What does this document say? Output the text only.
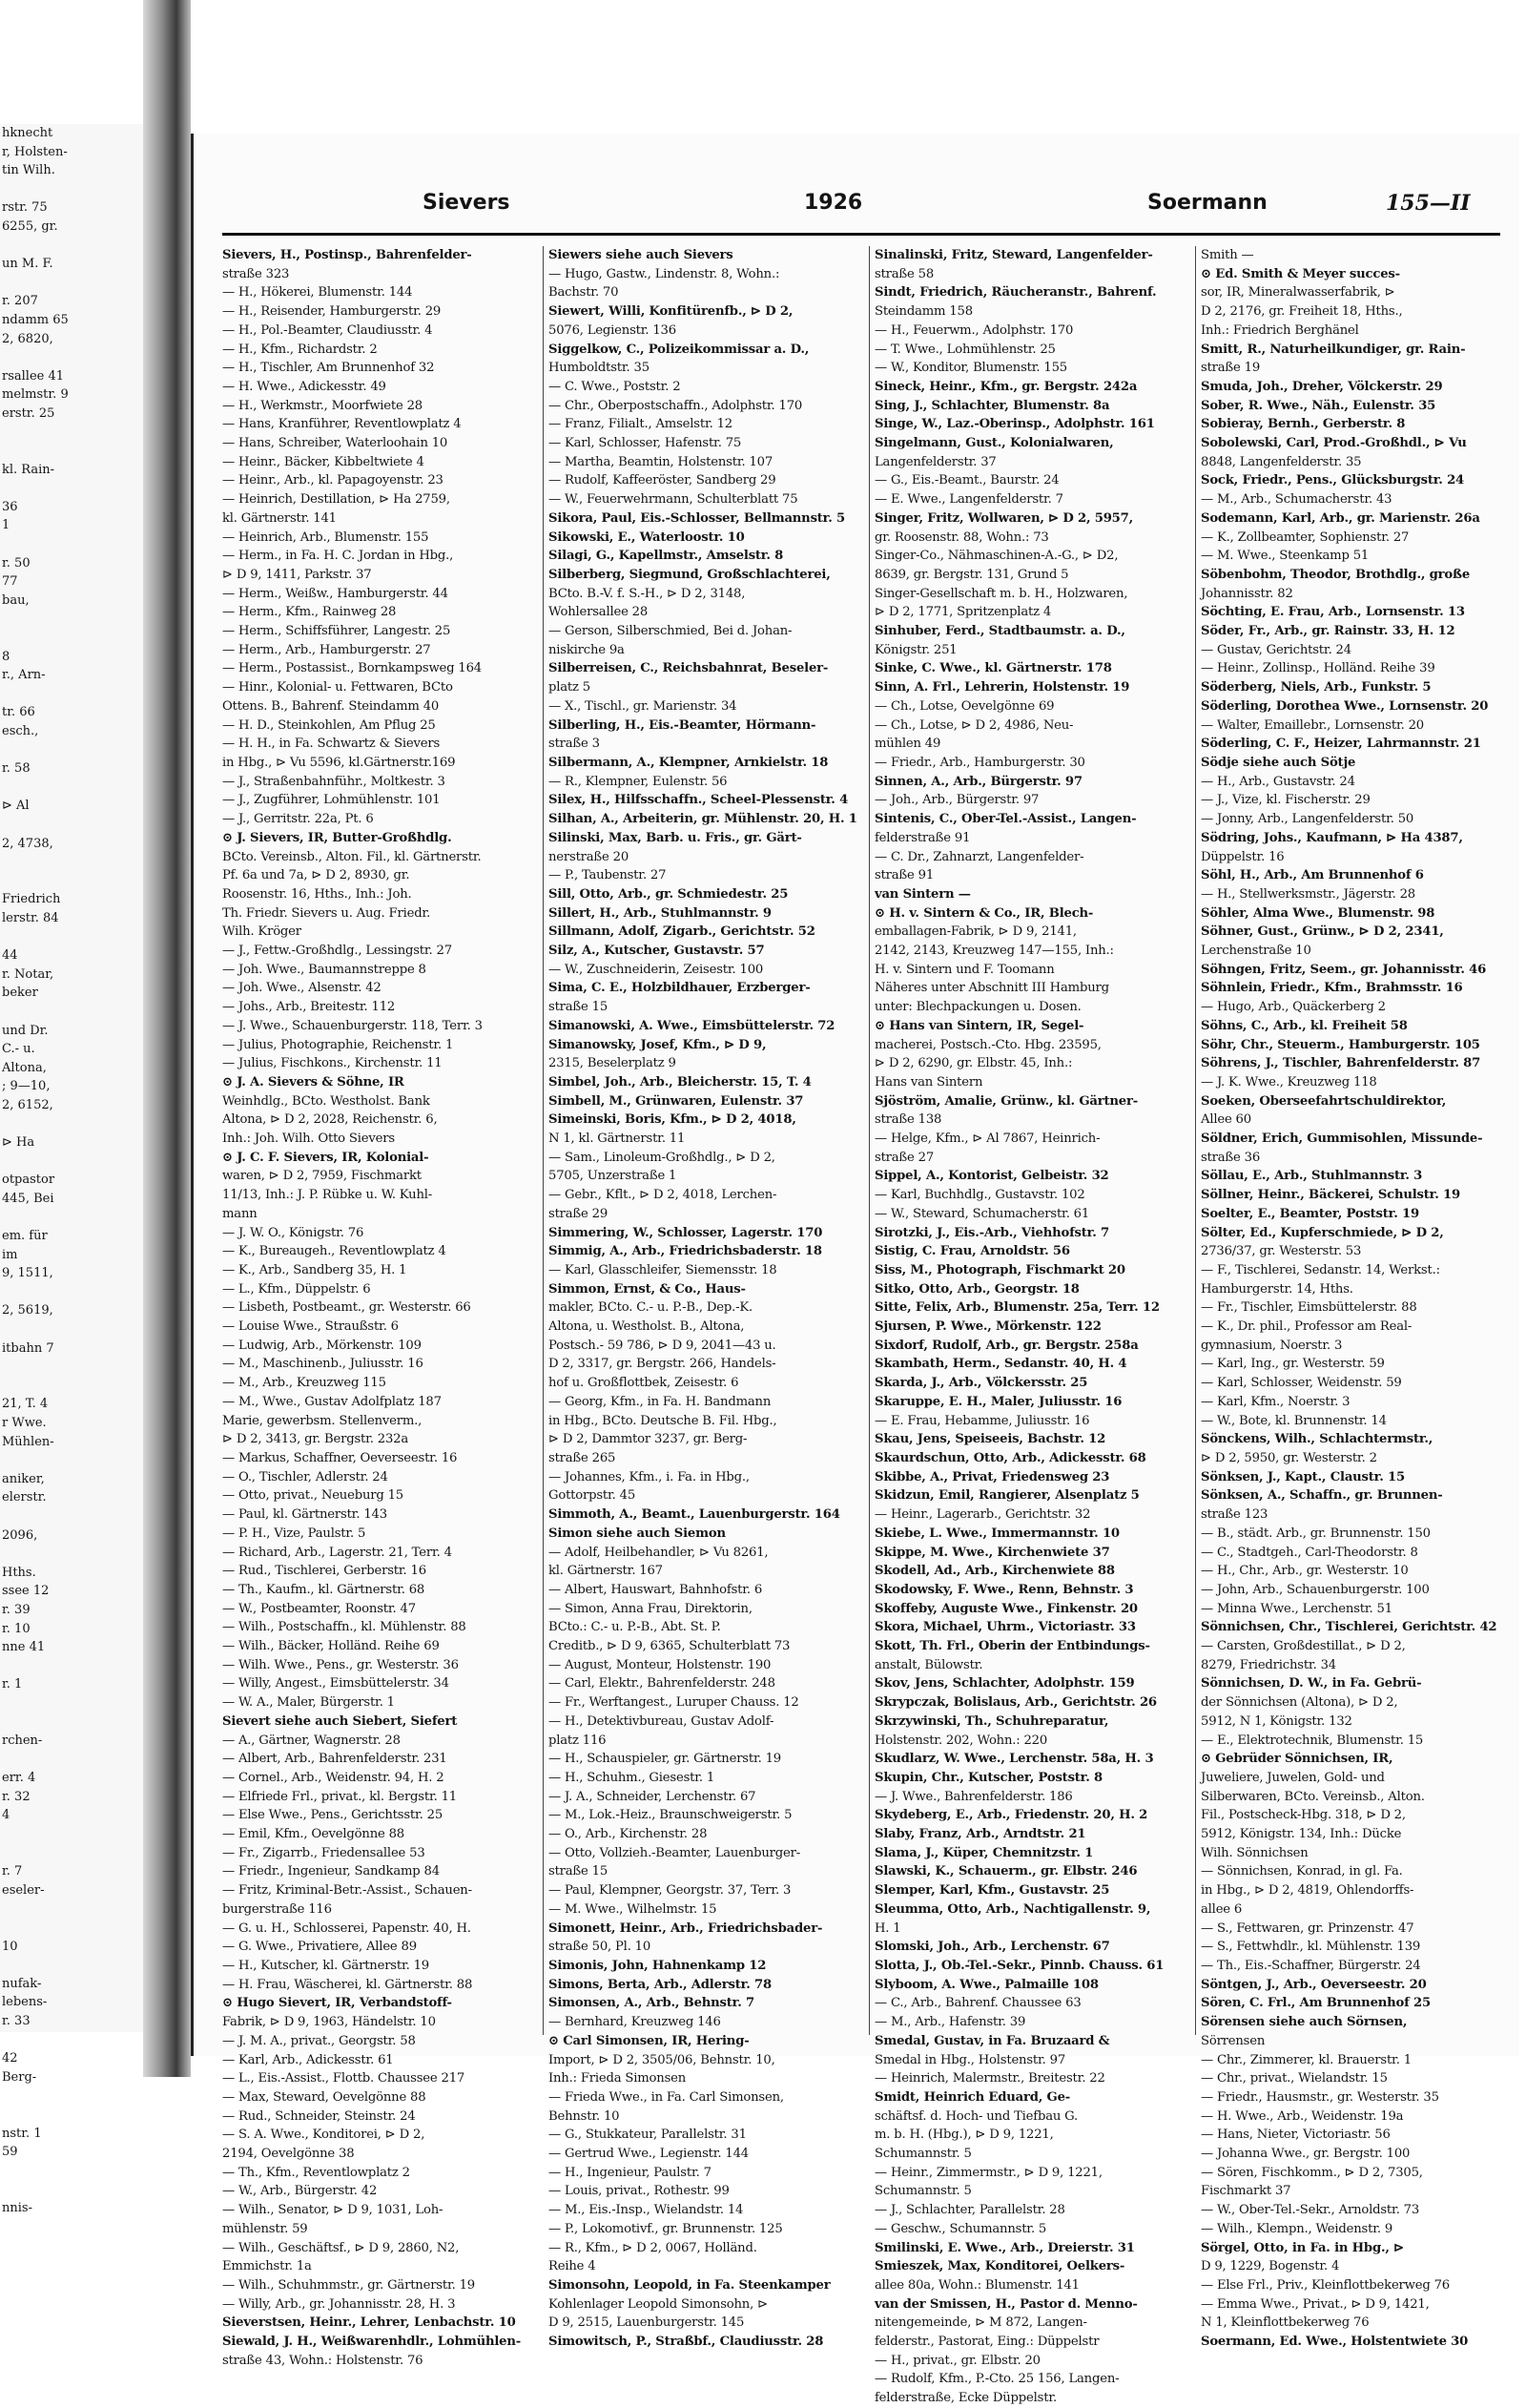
hknecht
r, Holsten-
tin Wilh.

rstr. 75
6255, gr.

un M. F.

r. 207
ndamm 65
2, 6820,

rsallee 41
melmstr. 9
erstr. 25

kl. Rain-

36
1

r. 50
77
bau,

8
r., Arn-

tr. 66
esch.,

r. 58

⊳ Al

2, 4738,

Friedrich
lerstr. 84

44
r. Notar,
beker

und Dr.
C.- u.
Altona,
; 9—10,
2, 6152,

⊳ Ha

otpastor
445, Bei

em. für
im
9, 1511,

2, 5619,

itbahn 7

21, T. 4
r Wwe.
Mühlen-

aniker,
elerstr.

2096,

Hths.
ssee 12
r. 39
r. 10
nne 41

r. 1

rchen-

err. 4
r. 32
4

r. 7
eseler-

10

nufak-
lebens-
r. 33

42
Berg-

nstr. 1
59

nnis-
Sievers	1926	Soermann	155—II
Sievers, H., Postinsp., Bahrenfelder-
straße 323
— H., Hökerei, Blumenstr. 144
— H., Reisender, Hamburgerstr. 29
— H., Pol.-Beamter, Claudiusstr. 4
— H., Kfm., Richardstr. 2
— H., Tischler, Am Brunnenhof 32
— H. Wwe., Adickesstr. 49
— H., Werkmstr., Moorfwiete 28
— Hans, Kranführer, Reventlowplatz 4
— Hans, Schreiber, Waterloohain 10
— Heinr., Bäcker, Kibbeltwiete 4
— Heinr., Arb., kl. Papagoyenstr. 23
— Heinrich, Destillation, ⊳ Ha 2759,
kl. Gärtnerstr. 141
— Heinrich, Arb., Blumenstr. 155
— Herm., in Fa. H. C. Jordan in Hbg.,
⊳ D 9, 1411, Parkstr. 37
— Herm., Weißw., Hamburgerstr. 44
— Herm., Kfm., Rainweg 28
— Herm., Schiffsführer, Langestr. 25
— Herm., Arb., Hamburgerstr. 27
— Herm., Postassist., Bornkampsweg 164
— Hinr., Kolonial- u. Fettwaren, BCto
Ottens. B., Bahrenf. Steindamm 40
— H. D., Steinkohlen, Am Pflug 25
— H. H., in Fa. Schwartz & Sievers
in Hbg., ⊳ Vu 5596, kl.Gärtnerstr.169
— J., Straßenbahnführ., Moltkestr. 3
— J., Zugführer, Lohmühlenstr. 101
— J., Gerritstr. 22a, Pt. 6
⊙ J. Sievers, IR, Butter-Großhdlg.
BCto. Vereinsb., Alton. Fil., kl. Gärtnerstr.
Pf. 6a und 7a, ⊳ D 2, 8930, gr.
Roosenstr. 16, Hths., Inh.: Joh.
Th. Friedr. Sievers u. Aug. Friedr.
Wilh. Kröger
— J., Fettw.-Großhdlg., Lessingstr. 27
— Joh. Wwe., Baumannstreppe 8
— Joh. Wwe., Alsenstr. 42
— Johs., Arb., Breitestr. 112
— J. Wwe., Schauenburgerstr. 118, Terr. 3
— Julius, Photographie, Reichenstr. 1
— Julius, Fischkons., Kirchenstr. 11
⊙ J. A. Sievers & Söhne, IR
Weinhdlg., BCto. Westholst. Bank
Altona, ⊳ D 2, 2028, Reichenstr. 6,
Inh.: Joh. Wilh. Otto Sievers
⊙ J. C. F. Sievers, IR, Kolonial-
waren, ⊳ D 2, 7959, Fischmarkt
11/13, Inh.: J. P. Rübke u. W. Kuhl-
mann
— J. W. O., Königstr. 76
— K., Bureaugeh., Reventlowplatz 4
— K., Arb., Sandberg 35, H. 1
— L., Kfm., Düppelstr. 6
— Lisbeth, Postbeamt., gr. Westerstr. 66
— Louise Wwe., Straußstr. 6
— Ludwig, Arb., Mörkenstr. 109
— M., Maschinenb., Juliusstr. 16
— M., Arb., Kreuzweg 115
— M., Wwe., Gustav Adolfplatz 187
Marie, gewerbsm. Stellenverm.,
⊳ D 2, 3413, gr. Bergstr. 232a
— Markus, Schaffner, Oeverseestr. 16
— O., Tischler, Adlerstr. 24
— Otto, privat., Neueburg 15
— Paul, kl. Gärtnerstr. 143
— P. H., Vize, Paulstr. 5
— Richard, Arb., Lagerstr. 21, Terr. 4
— Rud., Tischlerei, Gerberstr. 16
— Th., Kaufm., kl. Gärtnerstr. 68
— W., Postbeamter, Roonstr. 47
— Wilh., Postschaffn., kl. Mühlenstr. 88
— Wilh., Bäcker, Holländ. Reihe 69
— Wilh. Wwe., Pens., gr. Westerstr. 36
— Willy, Angest., Eimsbüttelerstr. 34
— W. A., Maler, Bürgerstr. 1
Sievert siehe auch Siebert, Siefert
— A., Gärtner, Wagnerstr. 28
— Albert, Arb., Bahrenfelderstr. 231
— Cornel., Arb., Weidenstr. 94, H. 2
— Elfriede Frl., privat., kl. Bergstr. 11
— Else Wwe., Pens., Gerichtsstr. 25
— Emil, Kfm., Oevelgönne 88
— Fr., Zigarrb., Friedensallee 53
— Friedr., Ingenieur, Sandkamp 84
— Fritz, Kriminal-Betr.-Assist., Schauen-
burgerstraße 116
— G. u. H., Schlosserei, Papenstr. 40, H.
— G. Wwe., Privatiere, Allee 89
— H., Kutscher, kl. Gärtnerstr. 19
— H. Frau, Wäscherei, kl. Gärtnerstr. 88
⊙ Hugo Sievert, IR, Verbandstoff-
Fabrik, ⊳ D 9, 1963, Händelstr. 10
— J. M. A., privat., Georgstr. 58
— Karl, Arb., Adickesstr. 61
— L., Eis.-Assist., Flottb. Chaussee 217
— Max, Steward, Oevelgönne 88
— Rud., Schneider, Steinstr. 24
— S. A. Wwe., Konditorei, ⊳ D 2,
2194, Oevelgönne 38
— Th., Kfm., Reventlowplatz 2
— W., Arb., Bürgerstr. 42
— Wilh., Senator, ⊳ D 9, 1031, Loh-
mühlenstr. 59
— Wilh., Geschäftsf., ⊳ D 9, 2860, N2,
Emmichstr. 1a
— Wilh., Schuhmmstr., gr. Gärtnerstr. 19
— Willy, Arb., gr. Johannisstr. 28, H. 3
Sieverstsen, Heinr., Lehrer, Lenbachstr. 10
Siewald, J. H., Weißwarenhdlr., Lohmühlen-
straße 43, Wohn.: Holstenstr. 76
Siewers siehe auch Sievers
— Hugo, Gastw., Lindenstr. 8, Wohn.:
Bachstr. 70
Siewert, Willi, Konfitürenfb., ⊳ D 2,
5076, Legienstr. 136
Siggelkow, C., Polizeikommissar a. D.,
Humboldtstr. 35
— C. Wwe., Poststr. 2
— Chr., Oberpostschaffn., Adolphstr. 170
— Franz, Filialt., Amselstr. 12
— Karl, Schlosser, Hafenstr. 75
— Martha, Beamtin, Holstenstr. 107
— Rudolf, Kaffeeröster, Sandberg 29
— W., Feuerwehrmann, Schulterblatt 75
Sikora, Paul, Eis.-Schlosser, Bellmannstr. 5
Sikowski, E., Waterloostr. 10
Silagi, G., Kapellmstr., Amselstr. 8
Silberberg, Siegmund, Großschlachterei,
BCto. B.-V. f. S.-H., ⊳ D 2, 3148,
Wohlersallee 28
— Gerson, Silberschmied, Bei d. Johan-
niskirche 9a
Silberreisen, C., Reichsbahnrat, Beseler-
platz 5
— X., Tischl., gr. Marienstr. 34
Silberling, H., Eis.-Beamter, Hörmann-
straße 3
Silbermann, A., Klempner, Arnkielstr. 18
— R., Klempner, Eulenstr. 56
Silex, H., Hilfsschaffn., Scheel-Plessenstr. 4
Silhan, A., Arbeiterin, gr. Mühlenstr. 20, H. 1
Silinski, Max, Barb. u. Fris., gr. Gärt-
nerstraße 20
— P., Taubenstr. 27
Sill, Otto, Arb., gr. Schmiedestr. 25
Sillert, H., Arb., Stuhlmannstr. 9
Sillmann, Adolf, Zigarb., Gerichtstr. 52
Silz, A., Kutscher, Gustavstr. 57
— W., Zuschneiderin, Zeisestr. 100
Sima, C. E., Holzbildhauer, Erzberger-
straße 15
Simanowski, A. Wwe., Eimsbüttelerstr. 72
Simanowsky, Josef, Kfm., ⊳ D 9,
2315, Beselerplatz 9
Simbel, Joh., Arb., Bleicherstr. 15, T. 4
Simbell, M., Grünwaren, Eulenstr. 37
Simeinski, Boris, Kfm., ⊳ D 2, 4018,
N 1, kl. Gärtnerstr. 11
— Sam., Linoleum-Großhdlg., ⊳ D 2,
5705, Unzerstraße 1
— Gebr., Kflt., ⊳ D 2, 4018, Lerchen-
straße 29
Simmering, W., Schlosser, Lagerstr. 170
Simmig, A., Arb., Friedrichsbaderstr. 18
— Karl, Glasschleifer, Siemensstr. 18
Simmon, Ernst, & Co., Haus-
makler, BCto. C.- u. P.-B., Dep.-K.
Altona, u. Westholst. B., Altona,
Postsch.- 59 786, ⊳ D 9, 2041—43 u.
D 2, 3317, gr. Bergstr. 266, Handels-
hof u. Großflottbek, Zeisestr. 6
— Georg, Kfm., in Fa. H. Bandmann
in Hbg., BCto. Deutsche B. Fil. Hbg.,
⊳ D 2, Dammtor 3237, gr. Berg-
straße 265
— Johannes, Kfm., i. Fa. in Hbg.,
Gottorpstr. 45
Simmoth, A., Beamt., Lauenburgerstr. 164
Simon siehe auch Siemon
— Adolf, Heilbehandler, ⊳ Vu 8261,
kl. Gärtnerstr. 167
— Albert, Hauswart, Bahnhofstr. 6
— Simon, Anna Frau, Direktorin,
BCto.: C.- u. P.-B., Abt. St. P.
Creditb., ⊳ D 9, 6365, Schulterblatt 73
— August, Monteur, Holstenstr. 190
— Carl, Elektr., Bahrenfelderstr. 248
— Fr., Werftangest., Luruper Chauss. 12
— H., Detektivbureau, Gustav Adolf-
platz 116
— H., Schauspieler, gr. Gärtnerstr. 19
— H., Schuhm., Giesestr. 1
— J. A., Schneider, Lerchenstr. 67
— M., Lok.-Heiz., Braunschweigerstr. 5
— O., Arb., Kirchenstr. 28
— Otto, Vollzieh.-Beamter, Lauenburger-
straße 15
— Paul, Klempner, Georgstr. 37, Terr. 3
— M. Wwe., Wilhelmstr. 15
Simonett, Heinr., Arb., Friedrichsbader-
straße 50, Pl. 10
Simonis, John, Hahnenkamp 12
Simons, Berta, Arb., Adlerstr. 78
Simonsen, A., Arb., Behnstr. 7
— Bernhard, Kreuzweg 146
⊙ Carl Simonsen, IR, Hering-
Import, ⊳ D 2, 3505/06, Behnstr. 10,
Inh.: Frieda Simonsen
— Frieda Wwe., in Fa. Carl Simonsen,
Behnstr. 10
— G., Stukkateur, Parallelstr. 31
— Gertrud Wwe., Legienstr. 144
— H., Ingenieur, Paulstr. 7
— Louis, privat., Rothestr. 99
— M., Eis.-Insp., Wielandstr. 14
— P., Lokomotivf., gr. Brunnenstr. 125
— R., Kfm., ⊳ D 2, 0067, Holländ.
Reihe 4
Simonsohn, Leopold, in Fa. Steenkamper
Kohlenlager Leopold Simonsohn, ⊳
D 9, 2515, Lauenburgerstr. 145
Simowitsch, P., Straßbf., Claudiusstr. 28
Sinalinski, Fritz, Steward, Langenfelder-
straße 58
Sindt, Friedrich, Räucheranstr., Bahrenf.
Steindamm 158
— H., Feuerwm., Adolphstr. 170
— T. Wwe., Lohmühlenstr. 25
— W., Konditor, Blumenstr. 155
Sineck, Heinr., Kfm., gr. Bergstr. 242a
Sing, J., Schlachter, Blumenstr. 8a
Singe, W., Laz.-Oberinsp., Adolphstr. 161
Singelmann, Gust., Kolonialwaren,
Langenfelderstr. 37
— G., Eis.-Beamt., Baurstr. 24
— E. Wwe., Langenfelderstr. 7
Singer, Fritz, Wollwaren, ⊳ D 2, 5957,
gr. Roosenstr. 88, Wohn.: 73
Singer-Co., Nähmaschinen-A.-G., ⊳ D2,
8639, gr. Bergstr. 131, Grund 5
Singer-Gesellschaft m. b. H., Holzwaren,
⊳ D 2, 1771, Spritzenplatz 4
Sinhuber, Ferd., Stadtbaumstr. a. D.,
Königstr. 251
Sinke, C. Wwe., kl. Gärtnerstr. 178
Sinn, A. Frl., Lehrerin, Holstenstr. 19
— Ch., Lotse, Oevelgönne 69
— Ch., Lotse, ⊳ D 2, 4986, Neu-
mühlen 49
— Friedr., Arb., Hamburgerstr. 30
Sinnen, A., Arb., Bürgerstr. 97
— Joh., Arb., Bürgerstr. 97
Sintenis, C., Ober-Tel.-Assist., Langen-
felderstraße 91
— C. Dr., Zahnarzt, Langenfelder-
straße 91
van Sintern —
⊙ H. v. Sintern & Co., IR, Blech-
emballagen-Fabrik, ⊳ D 9, 2141,
2142, 2143, Kreuzweg 147—155, Inh.:
H. v. Sintern und F. Toomann
Näheres unter Abschnitt III Hamburg
unter: Blechpackungen u. Dosen.
⊙ Hans van Sintern, IR, Segel-
macherei, Postsch.-Cto. Hbg. 23595,
⊳ D 2, 6290, gr. Elbstr. 45, Inh.:
Hans van Sintern
Sjöström, Amalie, Grünw., kl. Gärtner-
straße 138
— Helge, Kfm., ⊳ Al 7867, Heinrich-
straße 27
Sippel, A., Kontorist, Gelbeistr. 32
— Karl, Buchhdlg., Gustavstr. 102
— W., Steward, Schumacherstr. 61
Sirotzki, J., Eis.-Arb., Viehhofstr. 7
Sistig, C. Frau, Arnoldstr. 56
Siss, M., Photograph, Fischmarkt 20
Sitko, Otto, Arb., Georgstr. 18
Sitte, Felix, Arb., Blumenstr. 25a, Terr. 12
Sjursen, P. Wwe., Mörkenstr. 122
Sixdorf, Rudolf, Arb., gr. Bergstr. 258a
Skambath, Herm., Sedanstr. 40, H. 4
Skarda, J., Arb., Völckersstr. 25
Skaruppe, E. H., Maler, Juliusstr. 16
— E. Frau, Hebamme, Juliusstr. 16
Skau, Jens, Speiseeis, Bachstr. 12
Skaurdschun, Otto, Arb., Adickesstr. 68
Skibbe, A., Privat, Friedensweg 23
Skidzun, Emil, Rangierer, Alsenplatz 5
— Heinr., Lagerarb., Gerichtstr. 32
Skiebe, L. Wwe., Immermannstr. 10
Skippe, M. Wwe., Kirchenwiete 37
Skodell, Ad., Arb., Kirchenwiete 88
Skodowsky, F. Wwe., Renn, Behnstr. 3
Skoffeby, Auguste Wwe., Finkenstr. 20
Skora, Michael, Uhrm., Victoriastr. 33
Skott, Th. Frl., Oberin der Entbindungs-
anstalt, Bülowstr.
Skov, Jens, Schlachter, Adolphstr. 159
Skrypczak, Bolislaus, Arb., Gerichtstr. 26
Skrzywinski, Th., Schuhreparatur,
Holstenstr. 202, Wohn.: 220
Skudlarz, W. Wwe., Lerchenstr. 58a, H. 3
Skupin, Chr., Kutscher, Poststr. 8
— J. Wwe., Bahrenfelderstr. 186
Skydeberg, E., Arb., Friedenstr. 20, H. 2
Slaby, Franz, Arb., Arndtstr. 21
Slama, J., Küper, Chemnitzstr. 1
Slawski, K., Schauerm., gr. Elbstr. 246
Slemper, Karl, Kfm., Gustavstr. 25
Sleumma, Otto, Arb., Nachtigallenstr. 9,
H. 1
Slomski, Joh., Arb., Lerchenstr. 67
Slotta, J., Ob.-Tel.-Sekr., Pinnb. Chauss. 61
Slyboom, A. Wwe., Palmaille 108
— C., Arb., Bahrenf. Chaussee 63
— M., Arb., Hafenstr. 39
Smedal, Gustav, in Fa. Bruzaard &
Smedal in Hbg., Holstenstr. 97
— Heinrich, Malermstr., Breitestr. 22
Smidt, Heinrich Eduard, Ge-
schäftsf. d. Hoch- und Tiefbau G.
m. b. H. (Hbg.), ⊳ D 9, 1221,
Schumannstr. 5
— Heinr., Zimmermstr., ⊳ D 9, 1221,
Schumannstr. 5
— J., Schlachter, Parallelstr. 28
— Geschw., Schumannstr. 5
Smilinski, E. Wwe., Arb., Dreierstr. 31
Smieszek, Max, Konditorei, Oelkers-
allee 80a, Wohn.: Blumenstr. 141
van der Smissen, H., Pastor d. Menno-
nitengemeinde, ⊳ M 872, Langen-
felderstr., Pastorat, Eing.: Düppelstr
— H., privat., gr. Elbstr. 20
— Rudolf, Kfm., P.-Cto. 25 156, Langen-
felderstraße, Ecke Düppelstr.
Smith —
⊙ Ed. Smith & Meyer succes-
sor, IR, Mineralwasserfabrik, ⊳
D 2, 2176, gr. Freiheit 18, Hths.,
Inh.: Friedrich Berghänel
Smitt, R., Naturheilkundiger, gr. Rain-
straße 19
Smuda, Joh., Dreher, Völckerstr. 29
Sober, R. Wwe., Näh., Eulenstr. 35
Sobieray, Bernh., Gerberstr. 8
Sobolewski, Carl, Prod.-Großhdl., ⊳ Vu
8848, Langenfelderstr. 35
Sock, Friedr., Pens., Glücksburgstr. 24
— M., Arb., Schumacherstr. 43
Sodemann, Karl, Arb., gr. Marienstr. 26a
— K., Zollbeamter, Sophienstr. 27
— M. Wwe., Steenkamp 51
Söbenbohm, Theodor, Brothdlg., große
Johannisstr. 82
Söchting, E. Frau, Arb., Lornsenstr. 13
Söder, Fr., Arb., gr. Rainstr. 33, H. 12
— Gustav, Gerichtstr. 24
— Heinr., Zollinsp., Holländ. Reihe 39
Söderberg, Niels, Arb., Funkstr. 5
Söderling, Dorothea Wwe., Lornsenstr. 20
— Walter, Emaillebr., Lornsenstr. 20
Söderling, C. F., Heizer, Lahrmannstr. 21
Södje siehe auch Sötje
— H., Arb., Gustavstr. 24
— J., Vize, kl. Fischerstr. 29
— Jonny, Arb., Langenfelderstr. 50
Södring, Johs., Kaufmann, ⊳ Ha 4387,
Düppelstr. 16
Söhl, H., Arb., Am Brunnenhof 6
— H., Stellwerksmstr., Jägerstr. 28
Söhler, Alma Wwe., Blumenstr. 98
Söhner, Gust., Grünw., ⊳ D 2, 2341,
Lerchenstraße 10
Söhngen, Fritz, Seem., gr. Johannisstr. 46
Söhnlein, Friedr., Kfm., Brahmsstr. 16
— Hugo, Arb., Quäckerberg 2
Söhns, C., Arb., kl. Freiheit 58
Söhr, Chr., Steuerm., Hamburgerstr. 105
Söhrens, J., Tischler, Bahrenfelderstr. 87
— J. K. Wwe., Kreuzweg 118
Soeken, Oberseefahrtschuldirektor,
Allee 60
Söldner, Erich, Gummisohlen, Missunde-
straße 36
Söllau, E., Arb., Stuhlmannstr. 3
Söllner, Heinr., Bäckerei, Schulstr. 19
Soelter, E., Beamter, Poststr. 19
Sölter, Ed., Kupferschmiede, ⊳ D 2,
2736/37, gr. Westerstr. 53
— F., Tischlerei, Sedanstr. 14, Werkst.:
Hamburgerstr. 14, Hths.
— Fr., Tischler, Eimsbüttelerstr. 88
— K., Dr. phil., Professor am Real-
gymnasium, Noerstr. 3
— Karl, Ing., gr. Westerstr. 59
— Karl, Schlosser, Weidenstr. 59
— Karl, Kfm., Noerstr. 3
— W., Bote, kl. Brunnenstr. 14
Sönckens, Wilh., Schlachtermstr.,
⊳ D 2, 5950, gr. Westerstr. 2
Sönksen, J., Kapt., Claustr. 15
Sönksen, A., Schaffn., gr. Brunnen-
straße 123
— B., städt. Arb., gr. Brunnenstr. 150
— C., Stadtgeh., Carl-Theodorstr. 8
— H., Chr., Arb., gr. Westerstr. 10
— John, Arb., Schauenburgerstr. 100
— Minna Wwe., Lerchenstr. 51
Sönnichsen, Chr., Tischlerei, Gerichtstr. 42
— Carsten, Großdestillat., ⊳ D 2,
8279, Friedrichstr. 34
Sönnichsen, D. W., in Fa. Gebrü-
der Sönnichsen (Altona), ⊳ D 2,
5912, N 1, Königstr. 132
— E., Elektrotechnik, Blumenstr. 15
⊙ Gebrüder Sönnichsen, IR,
Juweliere, Juwelen, Gold- und
Silberwaren, BCto. Vereinsb., Alton.
Fil., Postscheck-Hbg. 318, ⊳ D 2,
5912, Königstr. 134, Inh.: Dücke
Wilh. Sönnichsen
— Sönnichsen, Konrad, in gl. Fa.
in Hbg., ⊳ D 2, 4819, Ohlendorffs-
allee 6
— S., Fettwaren, gr. Prinzenstr. 47
— S., Fettwhdlr., kl. Mühlenstr. 139
— Th., Eis.-Schaffner, Bürgerstr. 24
Söntgen, J., Arb., Oeverseestr. 20
Sören, C. Frl., Am Brunnenhof 25
Sörensen siehe auch Sörnsen,
Sörrensen
— Chr., Zimmerer, kl. Brauerstr. 1
— Chr., privat., Wielandstr. 15
— Friedr., Hausmstr., gr. Westerstr. 35
— H. Wwe., Arb., Weidenstr. 19a
— Hans, Nieter, Victoriastr. 56
— Johanna Wwe., gr. Bergstr. 100
— Sören, Fischkomm., ⊳ D 2, 7305,
Fischmarkt 37
— W., Ober-Tel.-Sekr., Arnoldstr. 73
— Wilh., Klempn., Weidenstr. 9
Sörgel, Otto, in Fa. in Hbg., ⊳
D 9, 1229, Bogenstr. 4
— Else Frl., Priv., Kleinflottbekerweg 76
— Emma Wwe., Privat., ⊳ D 9, 1421,
N 1, Kleinflottbekerweg 76
Soermann, Ed. Wwe., Holstentwiete 30
